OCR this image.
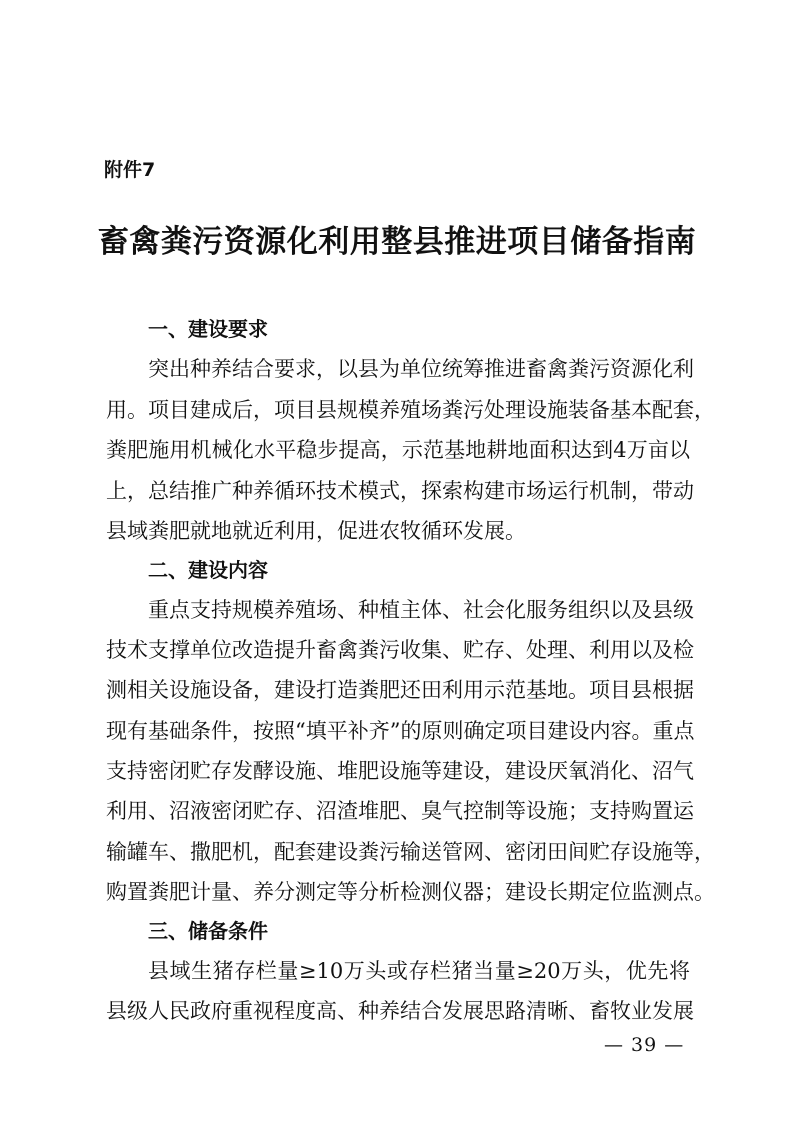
附件7
畜禽粪污资源化利用整县推进项目储备指南
一、建设要求
突出种养结合要求，以县为单位统筹推进畜禽粪污资源化利
用。项目建成后，项目县规模养殖场粪污处理设施装备基本配套，
粪肥施用机械化水平稳步提高，示范基地耕地面积达到4万亩以
上，总结推广种养循环技术模式，探索构建市场运行机制，带动
县域粪肥就地就近利用，促进农牧循环发展。
二、建设内容
重点支持规模养殖场、种植主体、社会化服务组织以及县级
技术支撑单位改造提升畜禽粪污收集、贮存、处理、利用以及检
测相关设施设备，建设打造粪肥还田利用示范基地。项目县根据
现有基础条件，按照“填平补齐”的原则确定项目建设内容。重点
支持密闭贮存发酵设施、堆肥设施等建设，建设厌氧消化、沼气
利用、沼液密闭贮存、沼渣堆肥、臭气控制等设施；支持购置运
输罐车、撒肥机，配套建设粪污输送管网、密闭田间贮存设施等，
购置粪肥计量、养分测定等分析检测仪器；建设长期定位监测点。
三、储备条件
县域生猪存栏量≥10万头或存栏猪当量≥20万头，优先将
县级人民政府重视程度高、种养结合发展思路清晰、畜牧业发展
— 39 —
